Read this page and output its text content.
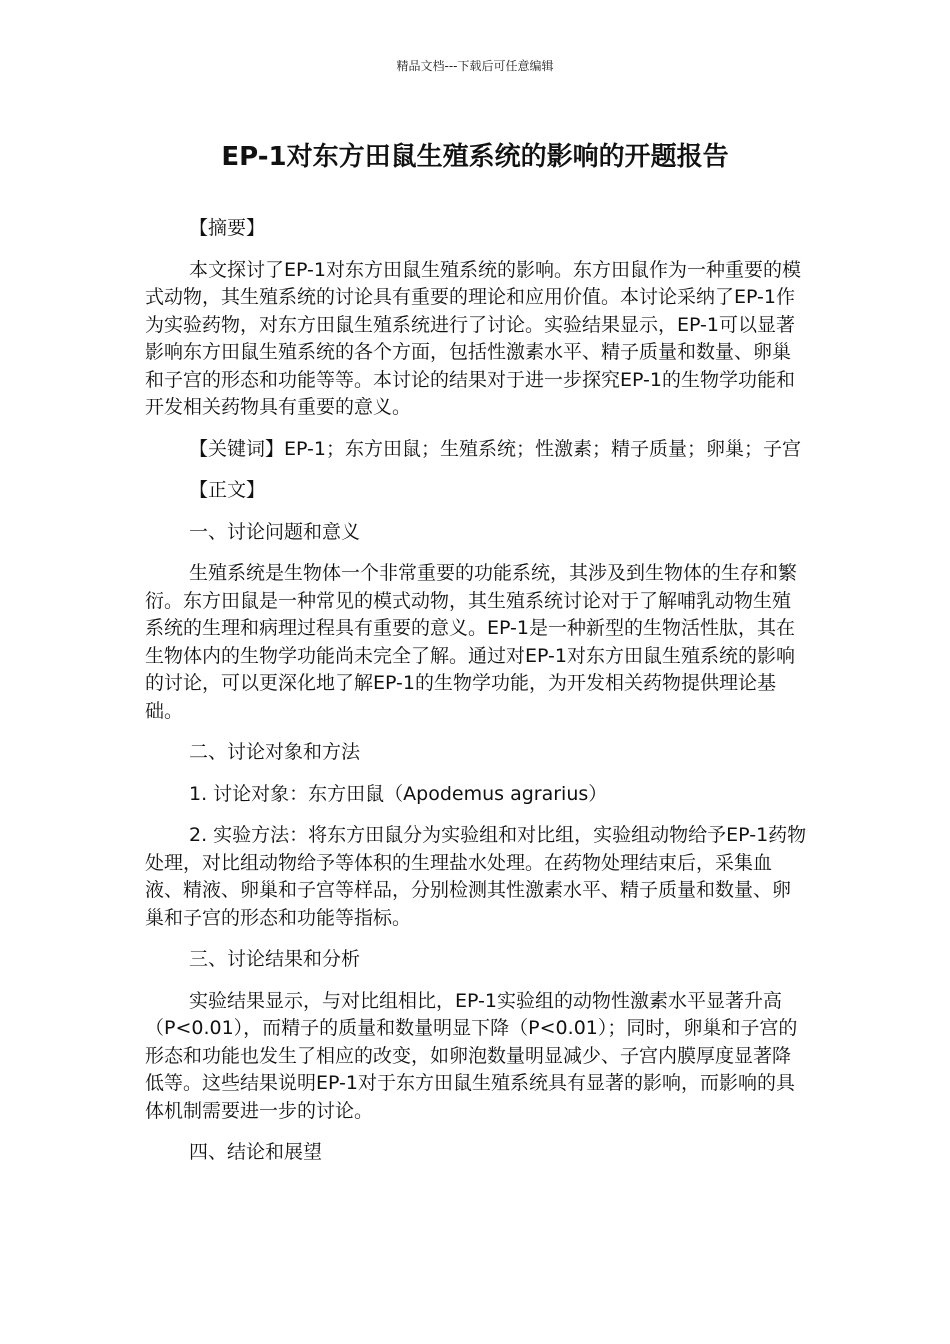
精品文档---下载后可任意编辑
EP-1对东方田鼠生殖系统的影响的开题报告

【摘要】

本文探讨了EP-1对东方田鼠生殖系统的影响。东方田鼠作为一种重要的模式动物，其生殖系统的讨论具有重要的理论和应用价值。本讨论采纳了EP-1作为实验药物，对东方田鼠生殖系统进行了讨论。实验结果显示，EP-1可以显著影响东方田鼠生殖系统的各个方面，包括性激素水平、精子质量和数量、卵巢和子宫的形态和功能等等。本讨论的结果对于进一步探究EP-1的生物学功能和开发相关药物具有重要的意义。

【关键词】EP-1；东方田鼠；生殖系统；性激素；精子质量；卵巢；子宫

【正文】

一、讨论问题和意义

生殖系统是生物体一个非常重要的功能系统，其涉及到生物体的生存和繁衍。东方田鼠是一种常见的模式动物，其生殖系统讨论对于了解哺乳动物生殖系统的生理和病理过程具有重要的意义。EP-1是一种新型的生物活性肽，其在生物体内的生物学功能尚未完全了解。通过对EP-1对东方田鼠生殖系统的影响的讨论，可以更深化地了解EP-1的生物学功能，为开发相关药物提供理论基础。

二、讨论对象和方法

1. 讨论对象：东方田鼠（Apodemus agrarius）

2. 实验方法：将东方田鼠分为实验组和对比组，实验组动物给予EP-1药物处理，对比组动物给予等体积的生理盐水处理。在药物处理结束后，采集血液、精液、卵巢和子宫等样品，分别检测其性激素水平、精子质量和数量、卵巢和子宫的形态和功能等指标。

三、讨论结果和分析

实验结果显示，与对比组相比，EP-1实验组的动物性激素水平显著升高（P<0.01），而精子的质量和数量明显下降（P<0.01）；同时，卵巢和子宫的形态和功能也发生了相应的改变，如卵泡数量明显减少、子宫内膜厚度显著降低等。这些结果说明EP-1对于东方田鼠生殖系统具有显著的影响，而影响的具体机制需要进一步的讨论。

四、结论和展望
